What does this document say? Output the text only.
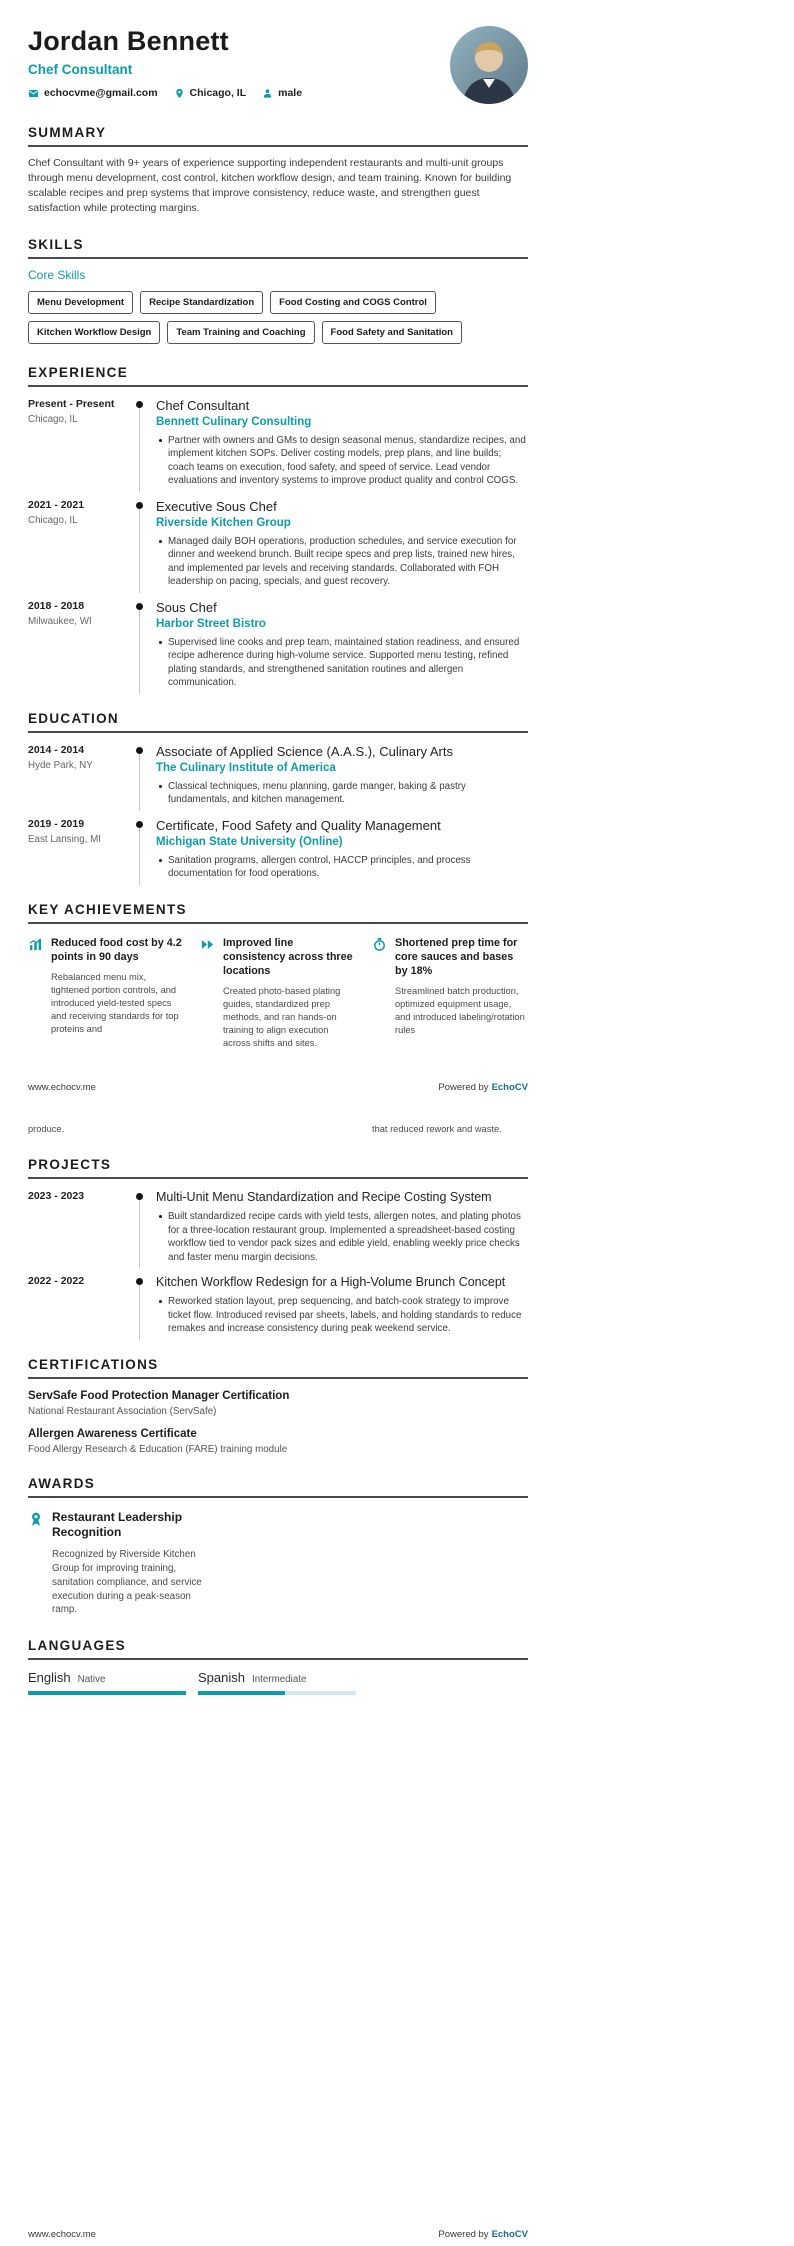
Jordan Bennett
Chef Consultant
echocvme@gmail.com	Chicago, IL	male
SUMMARY
Chef Consultant with 9+ years of experience supporting independent restaurants and multi-unit groups through menu development, cost control, kitchen workflow design, and team training. Known for building scalable recipes and prep systems that improve consistency, reduce waste, and strengthen guest satisfaction while protecting margins.
SKILLS
Core Skills
Menu Development	Recipe Standardization	Food Costing and COGS Control
Kitchen Workflow Design	Team Training and Coaching	Food Safety and Sanitation
EXPERIENCE
Present - Present
Chicago, IL
Chef Consultant
Bennett Culinary Consulting
Partner with owners and GMs to design seasonal menus, standardize recipes, and implement kitchen SOPs. Deliver costing models, prep plans, and line builds; coach teams on execution, food safety, and speed of service. Lead vendor evaluations and inventory systems to improve product quality and control COGS.
2021 - 2021
Chicago, IL
Executive Sous Chef
Riverside Kitchen Group
Managed daily BOH operations, production schedules, and service execution for dinner and weekend brunch. Built recipe specs and prep lists, trained new hires, and implemented par levels and receiving standards. Collaborated with FOH leadership on pacing, specials, and guest recovery.
2018 - 2018
Milwaukee, WI
Sous Chef
Harbor Street Bistro
Supervised line cooks and prep team, maintained station readiness, and ensured recipe adherence during high-volume service. Supported menu testing, refined plating standards, and strengthened sanitation routines and allergen communication.
EDUCATION
2014 - 2014
Hyde Park, NY
Associate of Applied Science (A.A.S.), Culinary Arts
The Culinary Institute of America
Classical techniques, menu planning, garde manger, baking & pastry fundamentals, and kitchen management.
2019 - 2019
East Lansing, MI
Certificate, Food Safety and Quality Management
Michigan State University (Online)
Sanitation programs, allergen control, HACCP principles, and process documentation for food operations.
KEY ACHIEVEMENTS
Reduced food cost by 4.2 points in 90 days
Rebalanced menu mix, tightened portion controls, and introduced yield-tested specs and receiving standards for top proteins and
Improved line consistency across three locations
Created photo-based plating guides, standardized prep methods, and ran hands-on training to align execution across shifts and sites.
Shortened prep time for core sauces and bases by 18%
Streamlined batch production, optimized equipment usage, and introduced labeling/rotation rules
www.echocv.me	Powered by EchoCV
produce.	that reduced rework and waste.
PROJECTS
2023 - 2023	Multi-Unit Menu Standardization and Recipe Costing System
Built standardized recipe cards with yield tests, allergen notes, and plating photos for a three-location restaurant group. Implemented a spreadsheet-based costing workflow tied to vendor pack sizes and edible yield, enabling weekly price checks and faster menu margin decisions.
2022 - 2022	Kitchen Workflow Redesign for a High-Volume Brunch Concept
Reworked station layout, prep sequencing, and batch-cook strategy to improve ticket flow. Introduced revised par sheets, labels, and holding standards to reduce remakes and increase consistency during peak weekend service.
CERTIFICATIONS
ServSafe Food Protection Manager Certification
National Restaurant Association (ServSafe)
Allergen Awareness Certificate
Food Allergy Research & Education (FARE) training module
AWARDS
Restaurant Leadership Recognition
Recognized by Riverside Kitchen Group for improving training, sanitation compliance, and service execution during a peak-season ramp.
LANGUAGES
English Native	Spanish Intermediate
www.echocv.me	Powered by EchoCV
